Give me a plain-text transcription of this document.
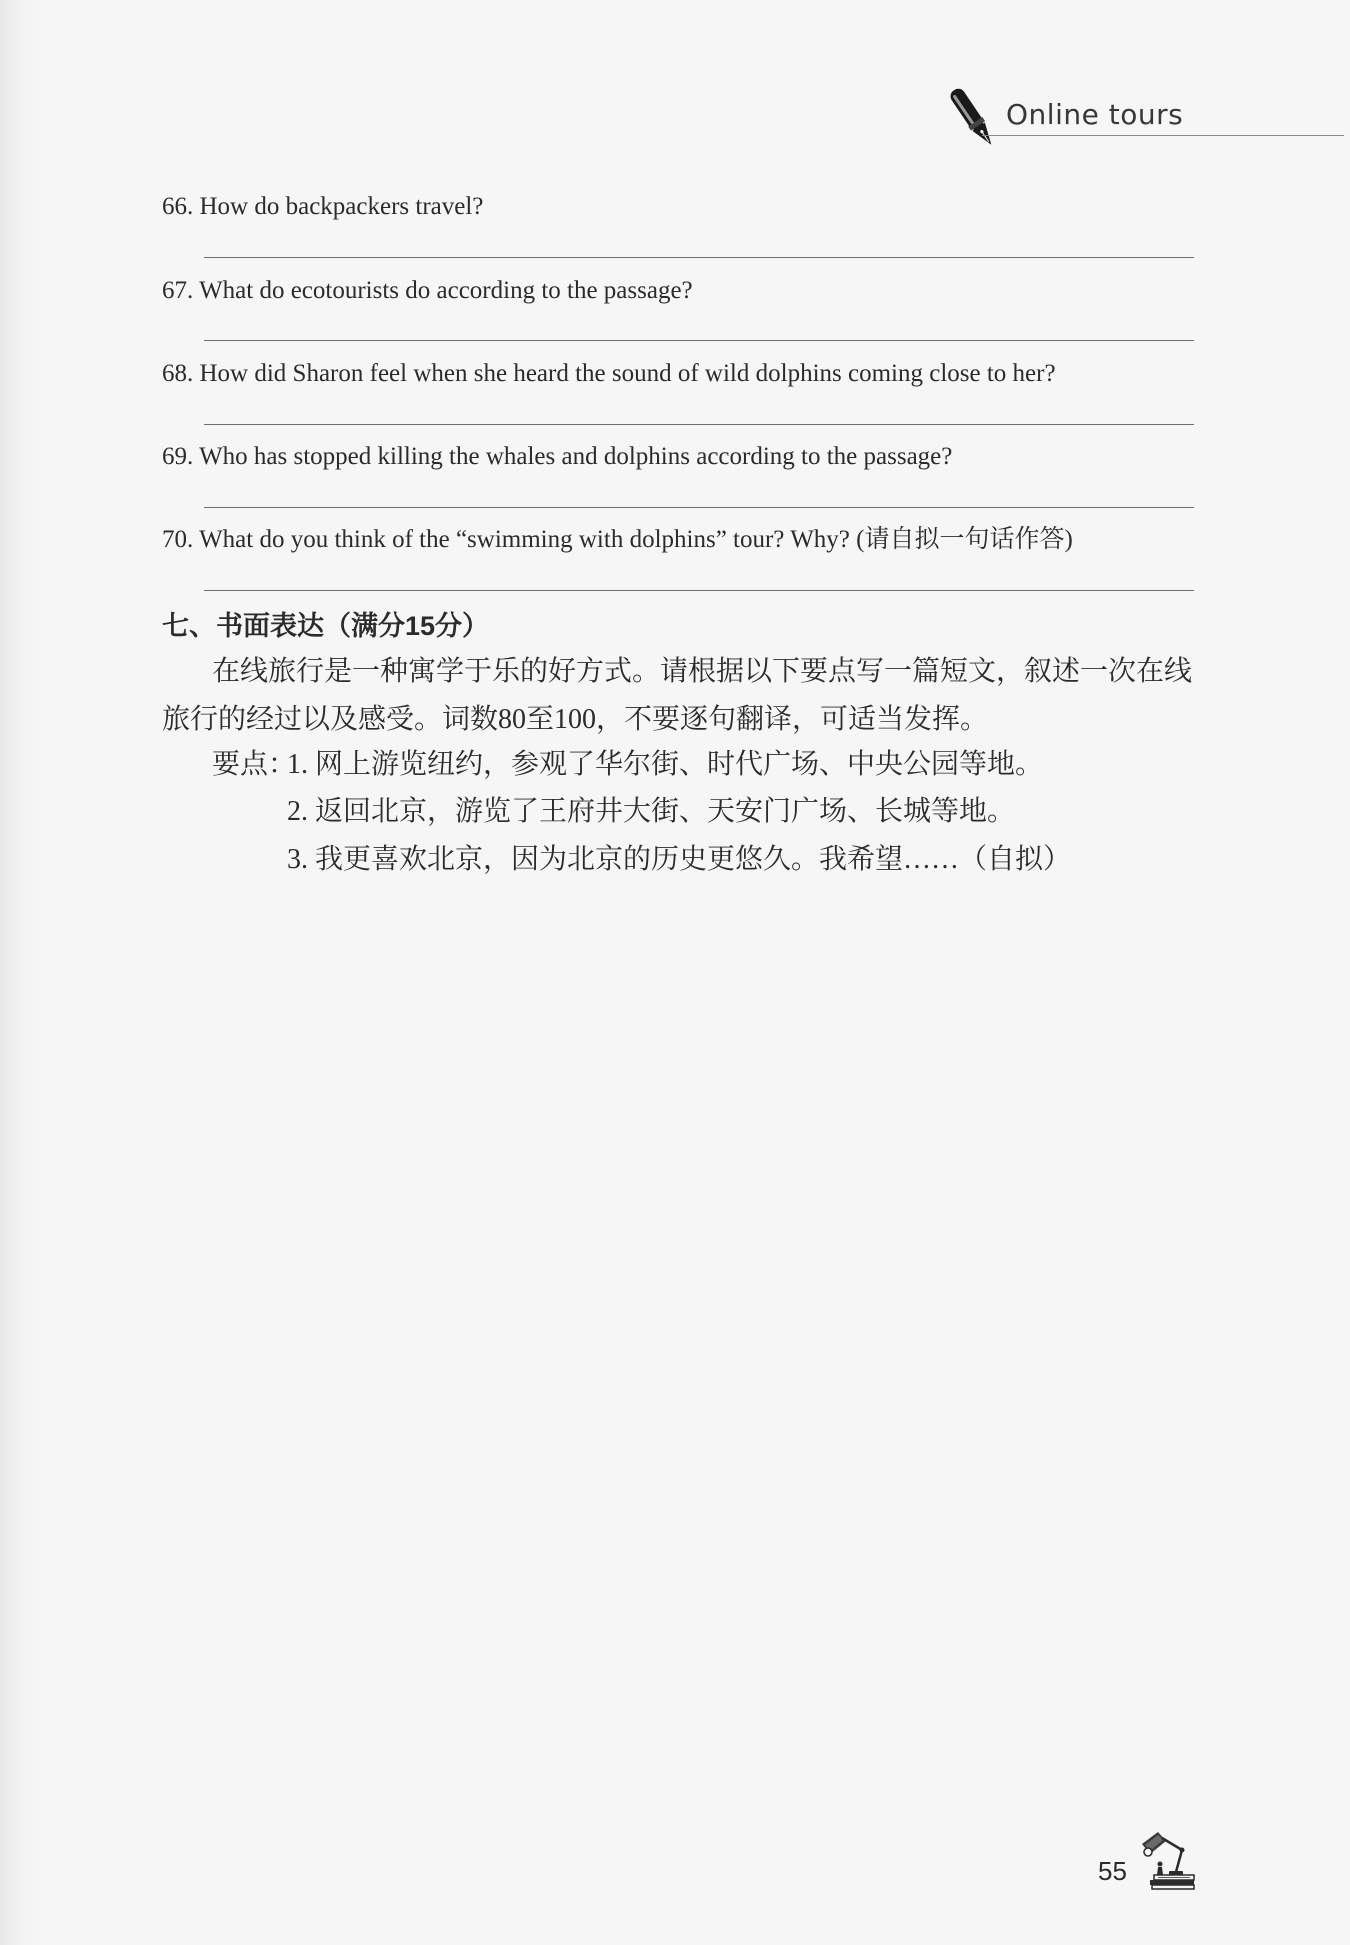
Online tours
66. How do backpackers travel?
67. What do ecotourists do according to the passage?
68. How did Sharon feel when she heard the sound of wild dolphins coming close to her?
69. Who has stopped killing the whales and dolphins according to the passage?
70. What do you think of the “swimming with dolphins” tour? Why? (请自拟一句话作答)
七、书面表达（满分15分）
在线旅行是一种寓学于乐的好方式。请根据以下要点写一篇短文，叙述一次在线
旅行的经过以及感受。词数80至100，不要逐句翻译，可适当发挥。
要点：
1. 网上游览纽约，参观了华尔街、时代广场、中央公园等地。
2. 返回北京，游览了王府井大街、天安门广场、长城等地。
3. 我更喜欢北京，因为北京的历史更悠久。我希望……（自拟）
55
